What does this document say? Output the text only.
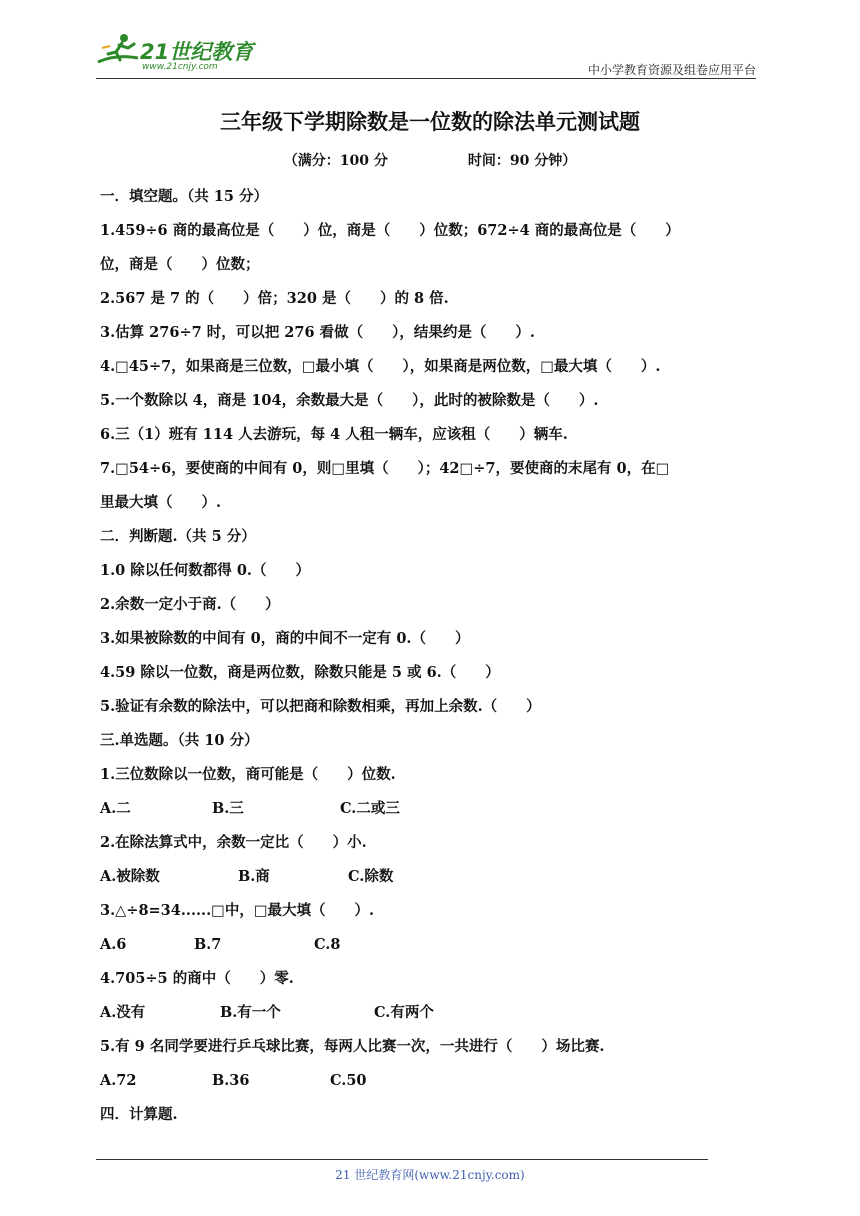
21世纪教育
www.21cnjy.com	中小学教育资源及组卷应用平台
三年级下学期除数是一位数的除法单元测试题
（满分：100 分	时间：90 分钟）
一．填空题。（共 15 分）
1.459÷6 商的最高位是（　　）位，商是（　　）位数；672÷4 商的最高位是（　　）
位，商是（　　）位数；
2.567 是 7 的（　　）倍；320 是（　　）的 8 倍.
3.估算 276÷7 时，可以把 276 看做（　　），结果约是（　　）.
4.□45÷7，如果商是三位数，□最小填（　　），如果商是两位数，□最大填（　　）.
5.一个数除以 4，商是 104，余数最大是（　　），此时的被除数是（　　）.
6.三（1）班有 114 人去游玩，每 4 人租一辆车，应该租（　　）辆车.
7.□54÷6，要使商的中间有 0，则□里填（　　）；42□÷7，要使商的末尾有 0，在□
里最大填（　　）.
二．判断题.（共 5 分）
1.0 除以任何数都得 0.（　　）
2.余数一定小于商.（　　）
3.如果被除数的中间有 0，商的中间不一定有 0.（　　）
4.59 除以一位数，商是两位数，除数只能是 5 或 6.（　　）
5.验证有余数的除法中，可以把商和除数相乘，再加上余数.（　　）
三.单选题。（共 10 分）
1.三位数除以一位数，商可能是（　　）位数.
A.二	B.三	C.二或三
2.在除法算式中，余数一定比（　　）小.
A.被除数	B.商	C.除数
3.△÷8=34......□中，□最大填（　　）.
A.6	B.7	C.8
4.705÷5 的商中（　　）零.
A.没有	B.有一个	C.有两个
5.有 9 名同学要进行乒乓球比赛，每两人比赛一次，一共进行（　　）场比赛.
A.72	B.36	C.50
四．计算题.
21 世纪教育网(www.21cnjy.com)
